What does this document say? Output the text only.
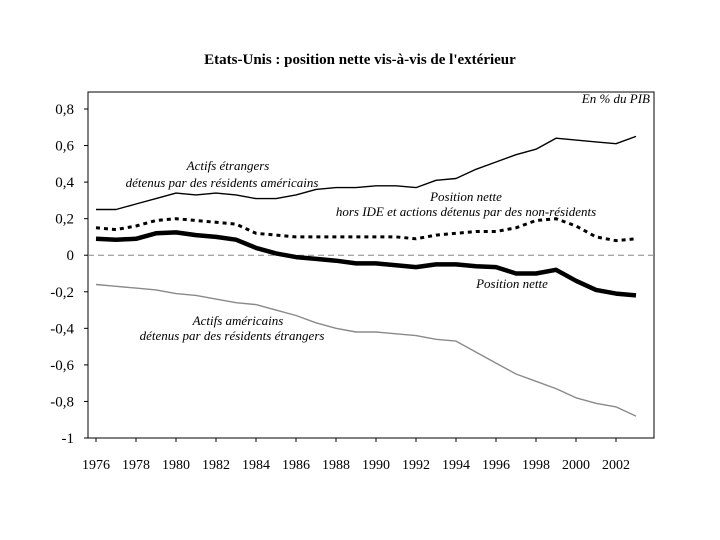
Etats-Unis : position nette vis-à-vis de l'extérieur
0,8
0,6
0,4
0,2
0
-0,2
-0,4
-0,6
-0,8
-1
1976 1978 1980 1982 1984 1986 1988 1990 1992 1994 1996 1998 2000 2002
En % du PIB
Actifs étrangers
détenus par des résidents américains
Position nette
hors IDE et actions détenus par des non-résidents
Position nette
Actifs américains
détenus par des résidents étrangers
